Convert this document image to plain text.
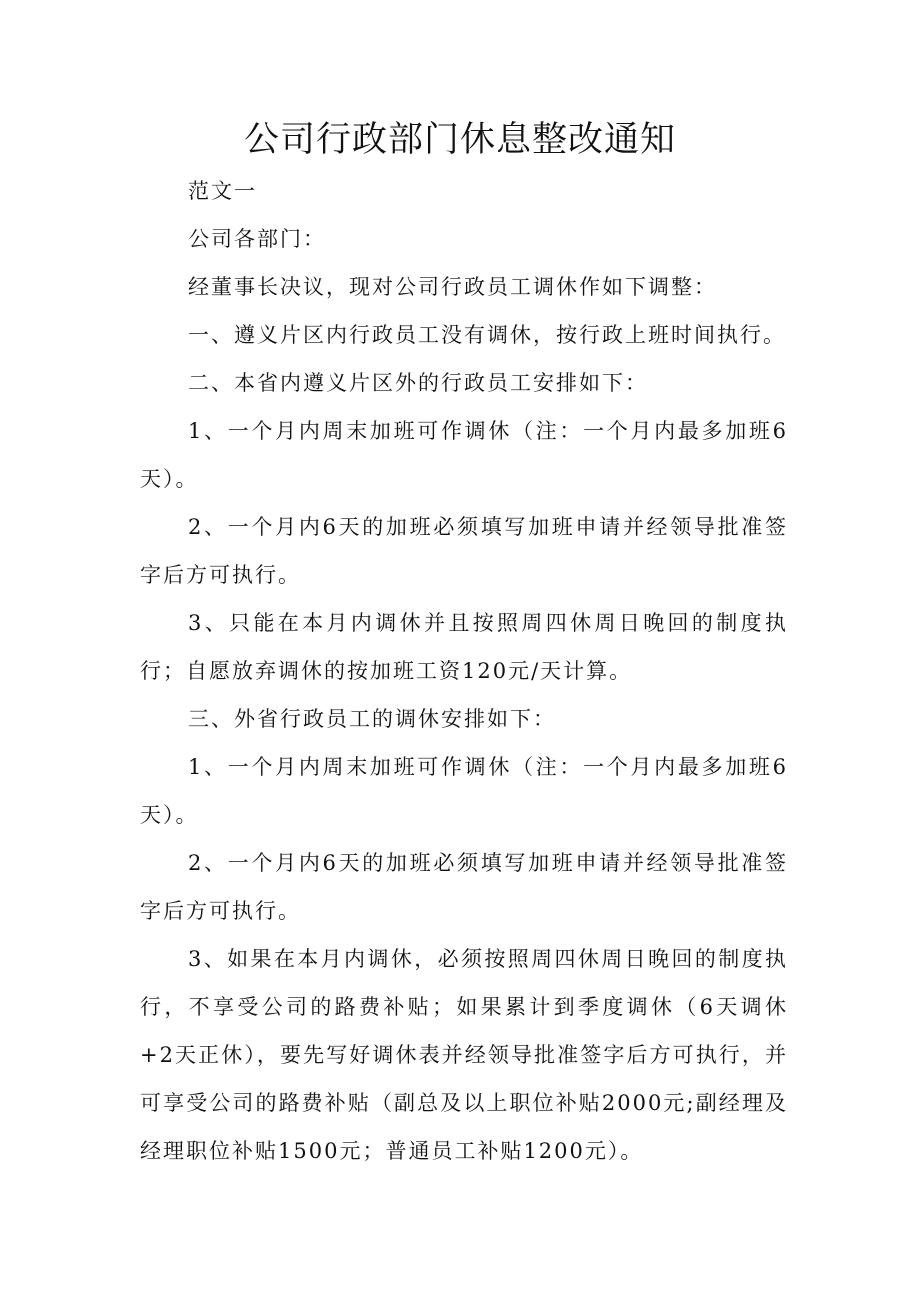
公司行政部门休息整改通知

范文一

公司各部门：

经董事长决议，现对公司行政员工调休作如下调整：

一、遵义片区内行政员工没有调休，按行政上班时间执行。

二、本省内遵义片区外的行政员工安排如下：

1、一个月内周末加班可作调休（注：一个月内最多加班6天）。

2、一个月内6天的加班必须填写加班申请并经领导批准签字后方可执行。

3、只能在本月内调休并且按照周四休周日晚回的制度执行；自愿放弃调休的按加班工资120元/天计算。

三、外省行政员工的调休安排如下：

1、一个月内周末加班可作调休（注：一个月内最多加班6天）。

2、一个月内6天的加班必须填写加班申请并经领导批准签字后方可执行。

3、如果在本月内调休，必须按照周四休周日晚回的制度执行，不享受公司的路费补贴；如果累计到季度调休（6天调休+2天正休），要先写好调休表并经领导批准签字后方可执行，并可享受公司的路费补贴（副总及以上职位补贴2000元;副经理及经理职位补贴1500元；普通员工补贴1200元）。
